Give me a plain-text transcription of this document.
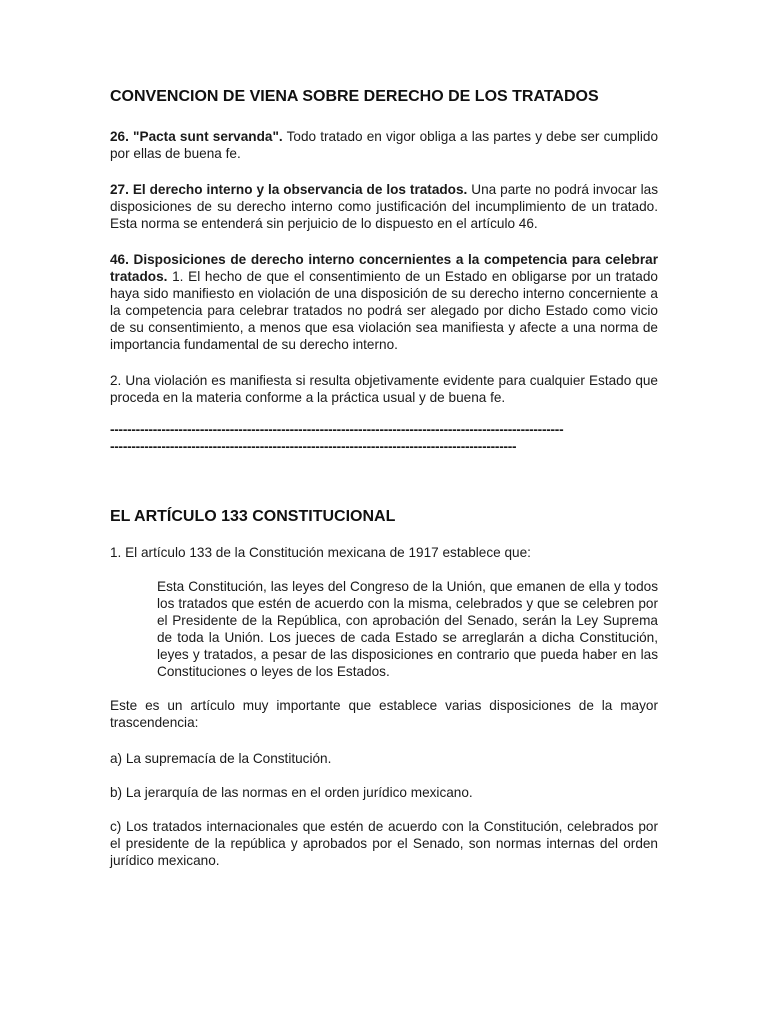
CONVENCION DE VIENA SOBRE DERECHO DE LOS TRATADOS

26. "Pacta sunt servanda". Todo tratado en vigor obliga a las partes y debe ser cumplido por ellas de buena fe.

27. El derecho interno y la observancia de los tratados. Una parte no podrá invocar las disposiciones de su derecho interno como justificación del incumplimiento de un tratado. Esta norma se entenderá sin perjuicio de lo dispuesto en el artículo 46.

46. Disposiciones de derecho interno concernientes a la competencia para celebrar tratados. 1. El hecho de que el consentimiento de un Estado en obligarse por un tratado haya sido manifiesto en violación de una disposición de su derecho interno concerniente a la competencia para celebrar tratados no podrá ser alegado por dicho Estado como vicio de su consentimiento, a menos que esa violación sea manifiesta y afecte a una norma de importancia fundamental de su derecho interno.

2. Una violación es manifiesta si resulta objetivamente evidente para cualquier Estado que proceda en la materia conforme a la práctica usual y de buena fe.

----------------------------------------------------------------------------------------------------------
-----------------------------------------------------------------------------------------------
EL ARTÍCULO 133 CONSTITUCIONAL

1. El artículo 133 de la Constitución mexicana de 1917 establece que:

Esta Constitución, las leyes del Congreso de la Unión, que emanen de ella y todos los tratados que estén de acuerdo con la misma, celebrados y que se celebren por el Presidente de la República, con aprobación del Senado, serán la Ley Suprema de toda la Unión. Los jueces de cada Estado se arreglarán a dicha Constitución, leyes y tratados, a pesar de las disposiciones en contrario que pueda haber en las Constituciones o leyes de los Estados.

Este es un artículo muy importante que establece varias disposiciones de la mayor trascendencia:

a) La supremacía de la Constitución.

b) La jerarquía de las normas en el orden jurídico mexicano.

c) Los tratados internacionales que estén de acuerdo con la Constitución, celebrados por el presidente de la república y aprobados por el Senado, son normas internas del orden jurídico mexicano.
